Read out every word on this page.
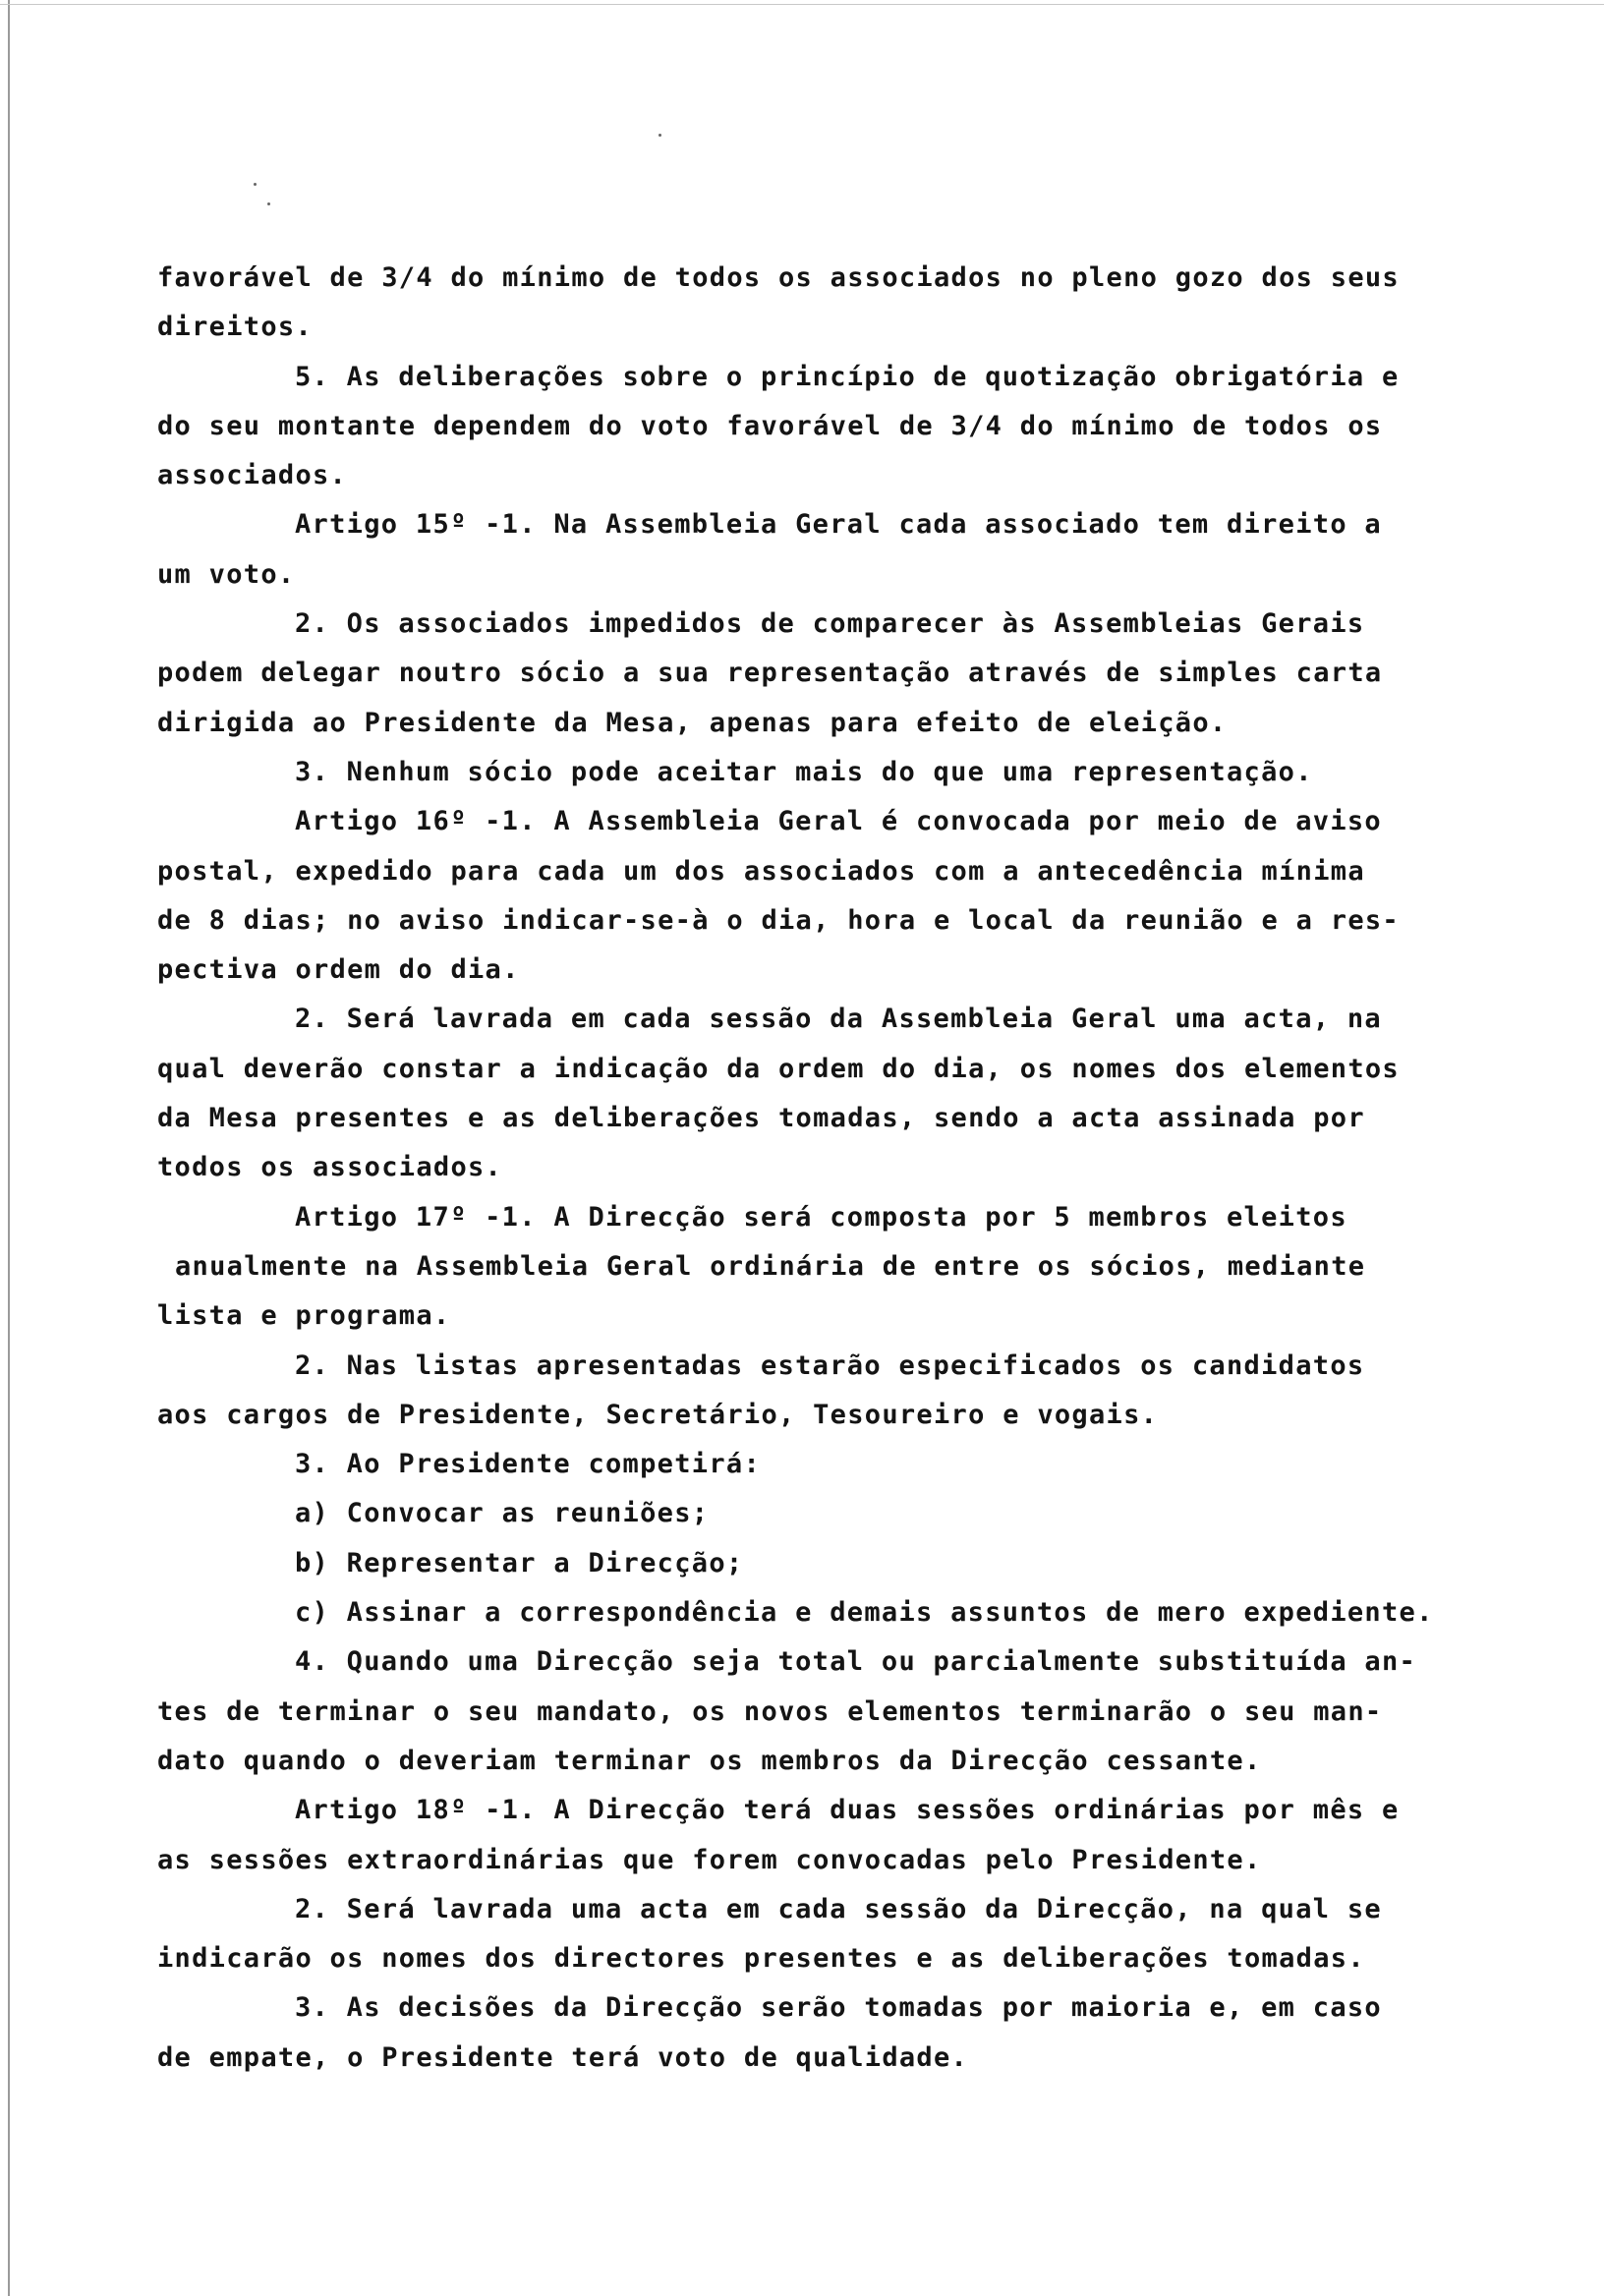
favorável de 3/4 do mínimo de todos os associados no pleno gozo dos seus
direitos.
5. As deliberações sobre o princípio de quotização obrigatória e
do seu montante dependem do voto favorável de 3/4 do mínimo de todos os
associados.
Artigo 15º -1. Na Assembleia Geral cada associado tem direito a
um voto.
2. Os associados impedidos de comparecer às Assembleias Gerais
podem delegar noutro sócio a sua representação através de simples carta
dirigida ao Presidente da Mesa, apenas para efeito de eleição.
3. Nenhum sócio pode aceitar mais do que uma representação.
Artigo 16º -1. A Assembleia Geral é convocada por meio de aviso
postal, expedido para cada um dos associados com a antecedência mínima
de 8 dias; no aviso indicar-se-à o dia, hora e local da reunião e a res-
pectiva ordem do dia.
2. Será lavrada em cada sessão da Assembleia Geral uma acta, na
qual deverão constar a indicação da ordem do dia, os nomes dos elementos
da Mesa presentes e as deliberações tomadas, sendo a acta assinada por
todos os associados.
Artigo 17º -1. A Direcção será composta por 5 membros eleitos
anualmente na Assembleia Geral ordinária de entre os sócios, mediante
lista e programa.
2. Nas listas apresentadas estarão especificados os candidatos
aos cargos de Presidente, Secretário, Tesoureiro e vogais.
3. Ao Presidente competirá:
a) Convocar as reuniões;
b) Representar a Direcção;
c) Assinar a correspondência e demais assuntos de mero expediente.
4. Quando uma Direcção seja total ou parcialmente substituída an-
tes de terminar o seu mandato, os novos elementos terminarão o seu man-
dato quando o deveriam terminar os membros da Direcção cessante.
Artigo 18º -1. A Direcção terá duas sessões ordinárias por mês e
as sessões extraordinárias que forem convocadas pelo Presidente.
2. Será lavrada uma acta em cada sessão da Direcção, na qual se
indicarão os nomes dos directores presentes e as deliberações tomadas.
3. As decisões da Direcção serão tomadas por maioria e, em caso
de empate, o Presidente terá voto de qualidade.
